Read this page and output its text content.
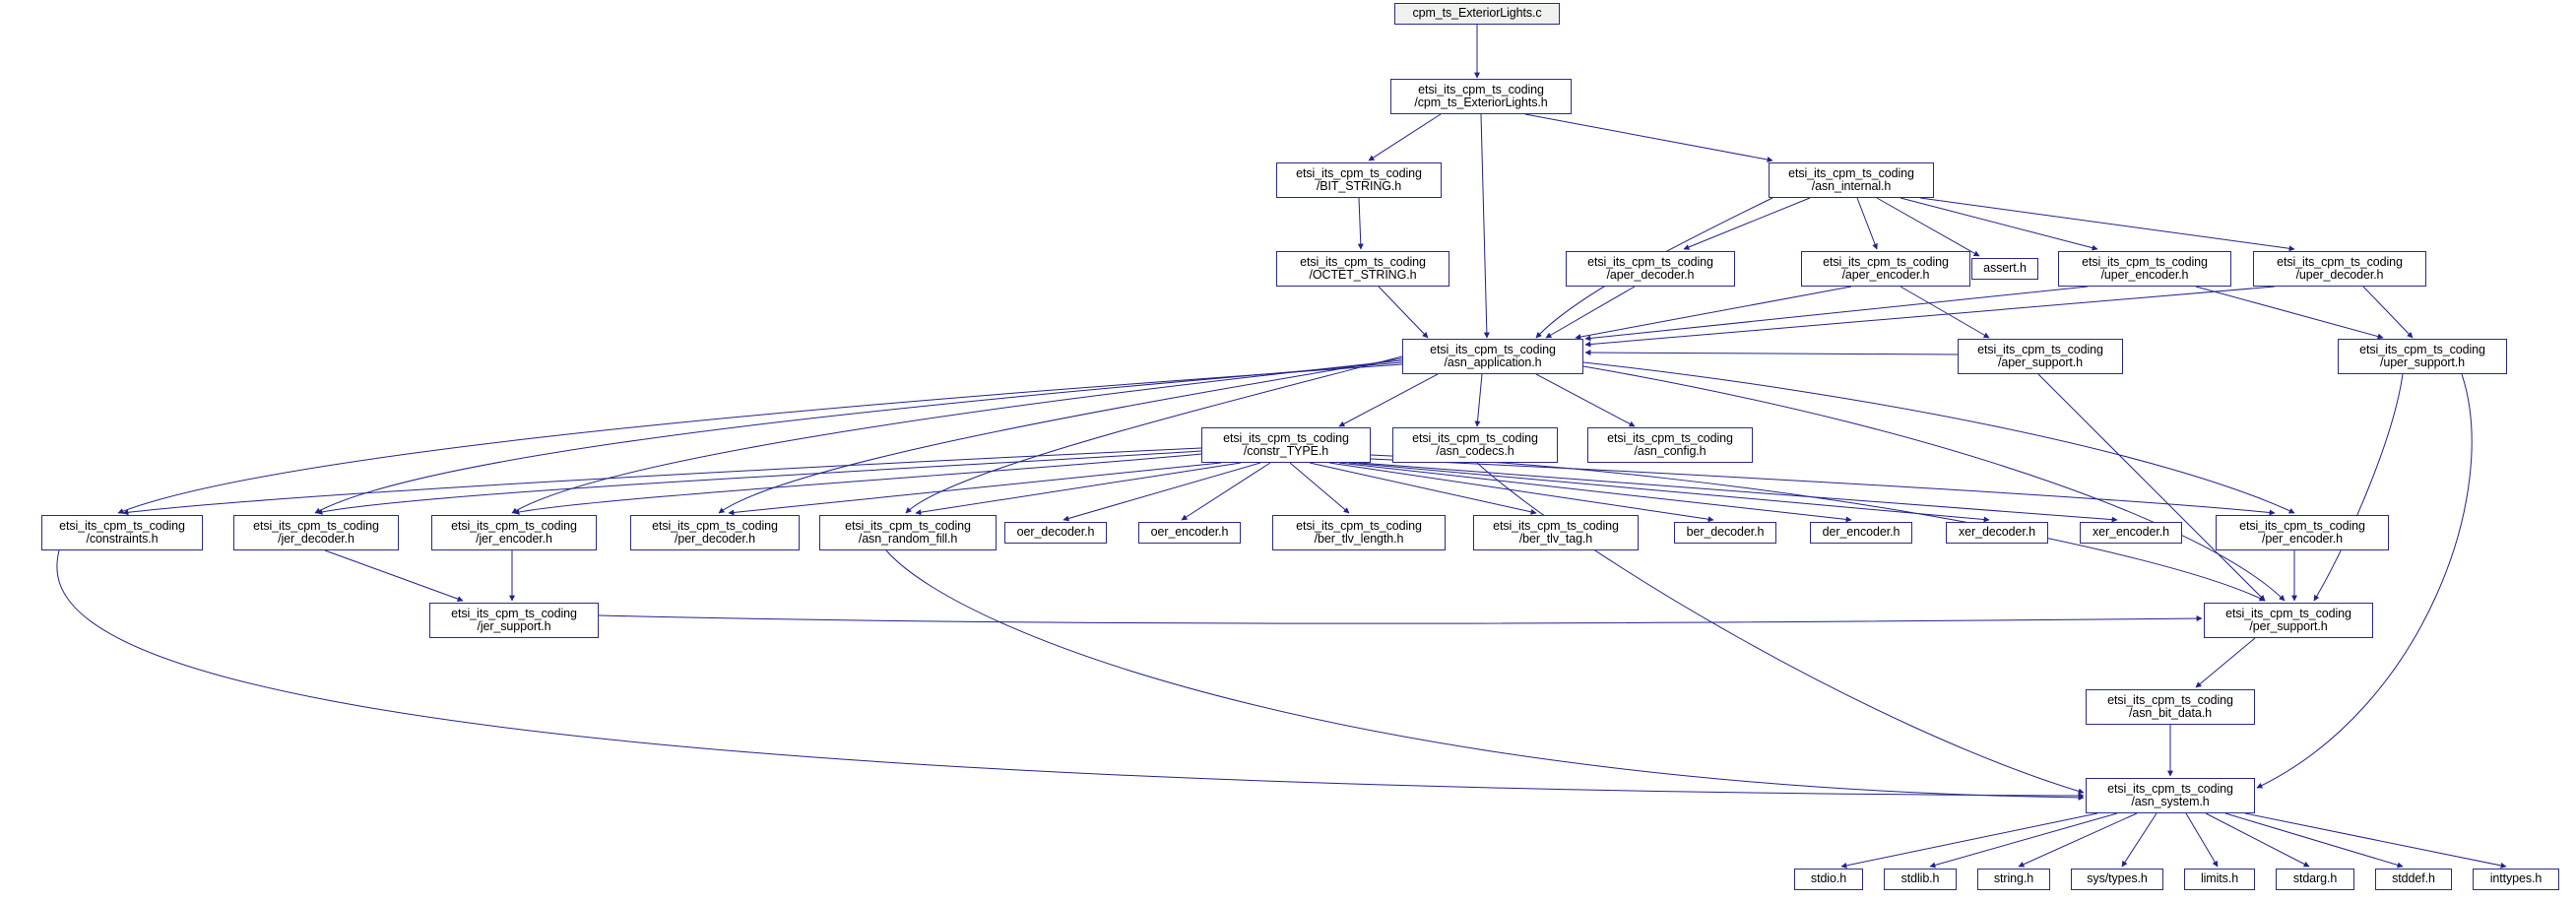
cpm_ts_ExteriorLights.c
etsi_its_cpm_ts_coding
/cpm_ts_ExteriorLights.h
etsi_its_cpm_ts_coding
/BIT_STRING.h
etsi_its_cpm_ts_coding
/asn_internal.h
etsi_its_cpm_ts_coding
/OCTET_STRING.h
etsi_its_cpm_ts_coding
/aper_decoder.h
etsi_its_cpm_ts_coding
/aper_encoder.h	assert.h	etsi_its_cpm_ts_coding
/uper_encoder.h
etsi_its_cpm_ts_coding
/uper_decoder.h
etsi_its_cpm_ts_coding
/asn_application.h
etsi_its_cpm_ts_coding
/aper_support.h
etsi_its_cpm_ts_coding
/uper_support.h
etsi_its_cpm_ts_coding
/constr_TYPE.h
etsi_its_cpm_ts_coding
/asn_codecs.h
etsi_its_cpm_ts_coding
/asn_config.h
etsi_its_cpm_ts_coding
/constraints.h
etsi_its_cpm_ts_coding
/jer_decoder.h
etsi_its_cpm_ts_coding
/jer_encoder.h
etsi_its_cpm_ts_coding
/per_decoder.h
etsi_its_cpm_ts_coding
/asn_random_fill.h	oer_decoder.h	oer_encoder.h	etsi_its_cpm_ts_coding
/ber_tlv_length.h
etsi_its_cpm_ts_coding
/ber_tlv_tag.h	ber_decoder.h	der_encoder.h	xer_decoder.h	xer_encoder.h	etsi_its_cpm_ts_coding
/per_encoder.h
etsi_its_cpm_ts_coding
/jer_support.h
etsi_its_cpm_ts_coding
/per_support.h
etsi_its_cpm_ts_coding
/asn_bit_data.h
etsi_its_cpm_ts_coding
/asn_system.h
stdio.h	stdlib.h	string.h	sys/types.h	limits.h	stdarg.h	stddef.h	inttypes.h
